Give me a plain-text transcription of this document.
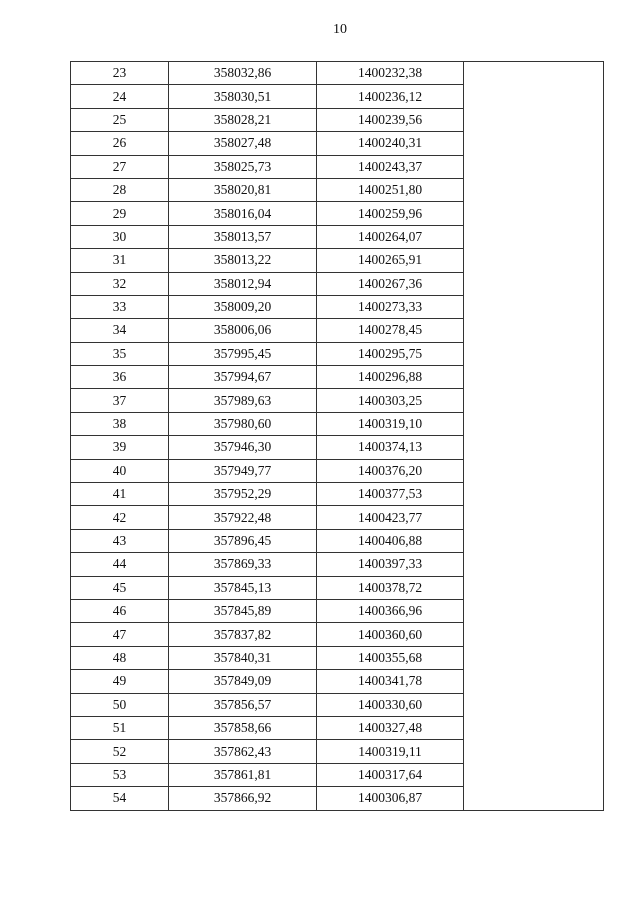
10
23	358032,86	1400232,38	
24	358030,51	1400236,12	
25	358028,21	1400239,56	
26	358027,48	1400240,31	
27	358025,73	1400243,37	
28	358020,81	1400251,80	
29	358016,04	1400259,96	
30	358013,57	1400264,07	
31	358013,22	1400265,91	
32	358012,94	1400267,36	
33	358009,20	1400273,33	
34	358006,06	1400278,45	
35	357995,45	1400295,75	
36	357994,67	1400296,88	
37	357989,63	1400303,25	
38	357980,60	1400319,10	
39	357946,30	1400374,13	
40	357949,77	1400376,20	
41	357952,29	1400377,53	
42	357922,48	1400423,77	
43	357896,45	1400406,88	
44	357869,33	1400397,33	
45	357845,13	1400378,72	
46	357845,89	1400366,96	
47	357837,82	1400360,60	
48	357840,31	1400355,68	
49	357849,09	1400341,78	
50	357856,57	1400330,60	
51	357858,66	1400327,48	
52	357862,43	1400319,11	
53	357861,81	1400317,64	
54	357866,92	1400306,87	
